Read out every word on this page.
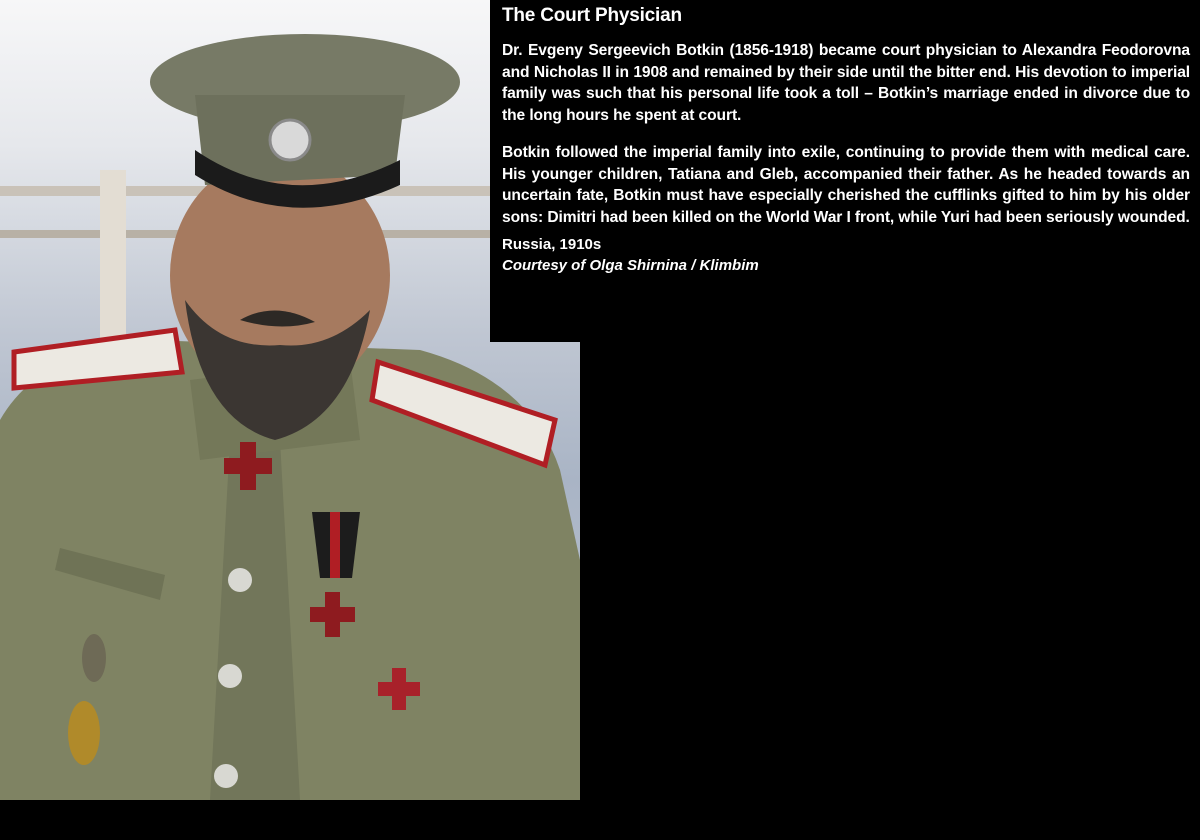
The Court Physician

Dr. Evgeny Sergeevich Botkin (1856-1918) became court physician to Alexandra Feodorovna and Nicholas II in 1908 and remained by their side until the bitter end. His devotion to imperial family was such that his personal life took a toll – Botkin’s marriage ended in divorce due to the long hours he spent at court.

Botkin followed the imperial family into exile, continuing to provide them with medical care. His younger children, Tatiana and Gleb, accompanied their father. As he headed towards an uncertain fate, Botkin must have especially cherished the cufflinks gifted to him by his older sons: Dimitri had been killed on the World War I front, while Yuri had been seriously wounded.

Russia, 1910s

Courtesy of Olga Shirnina / Klimbim
